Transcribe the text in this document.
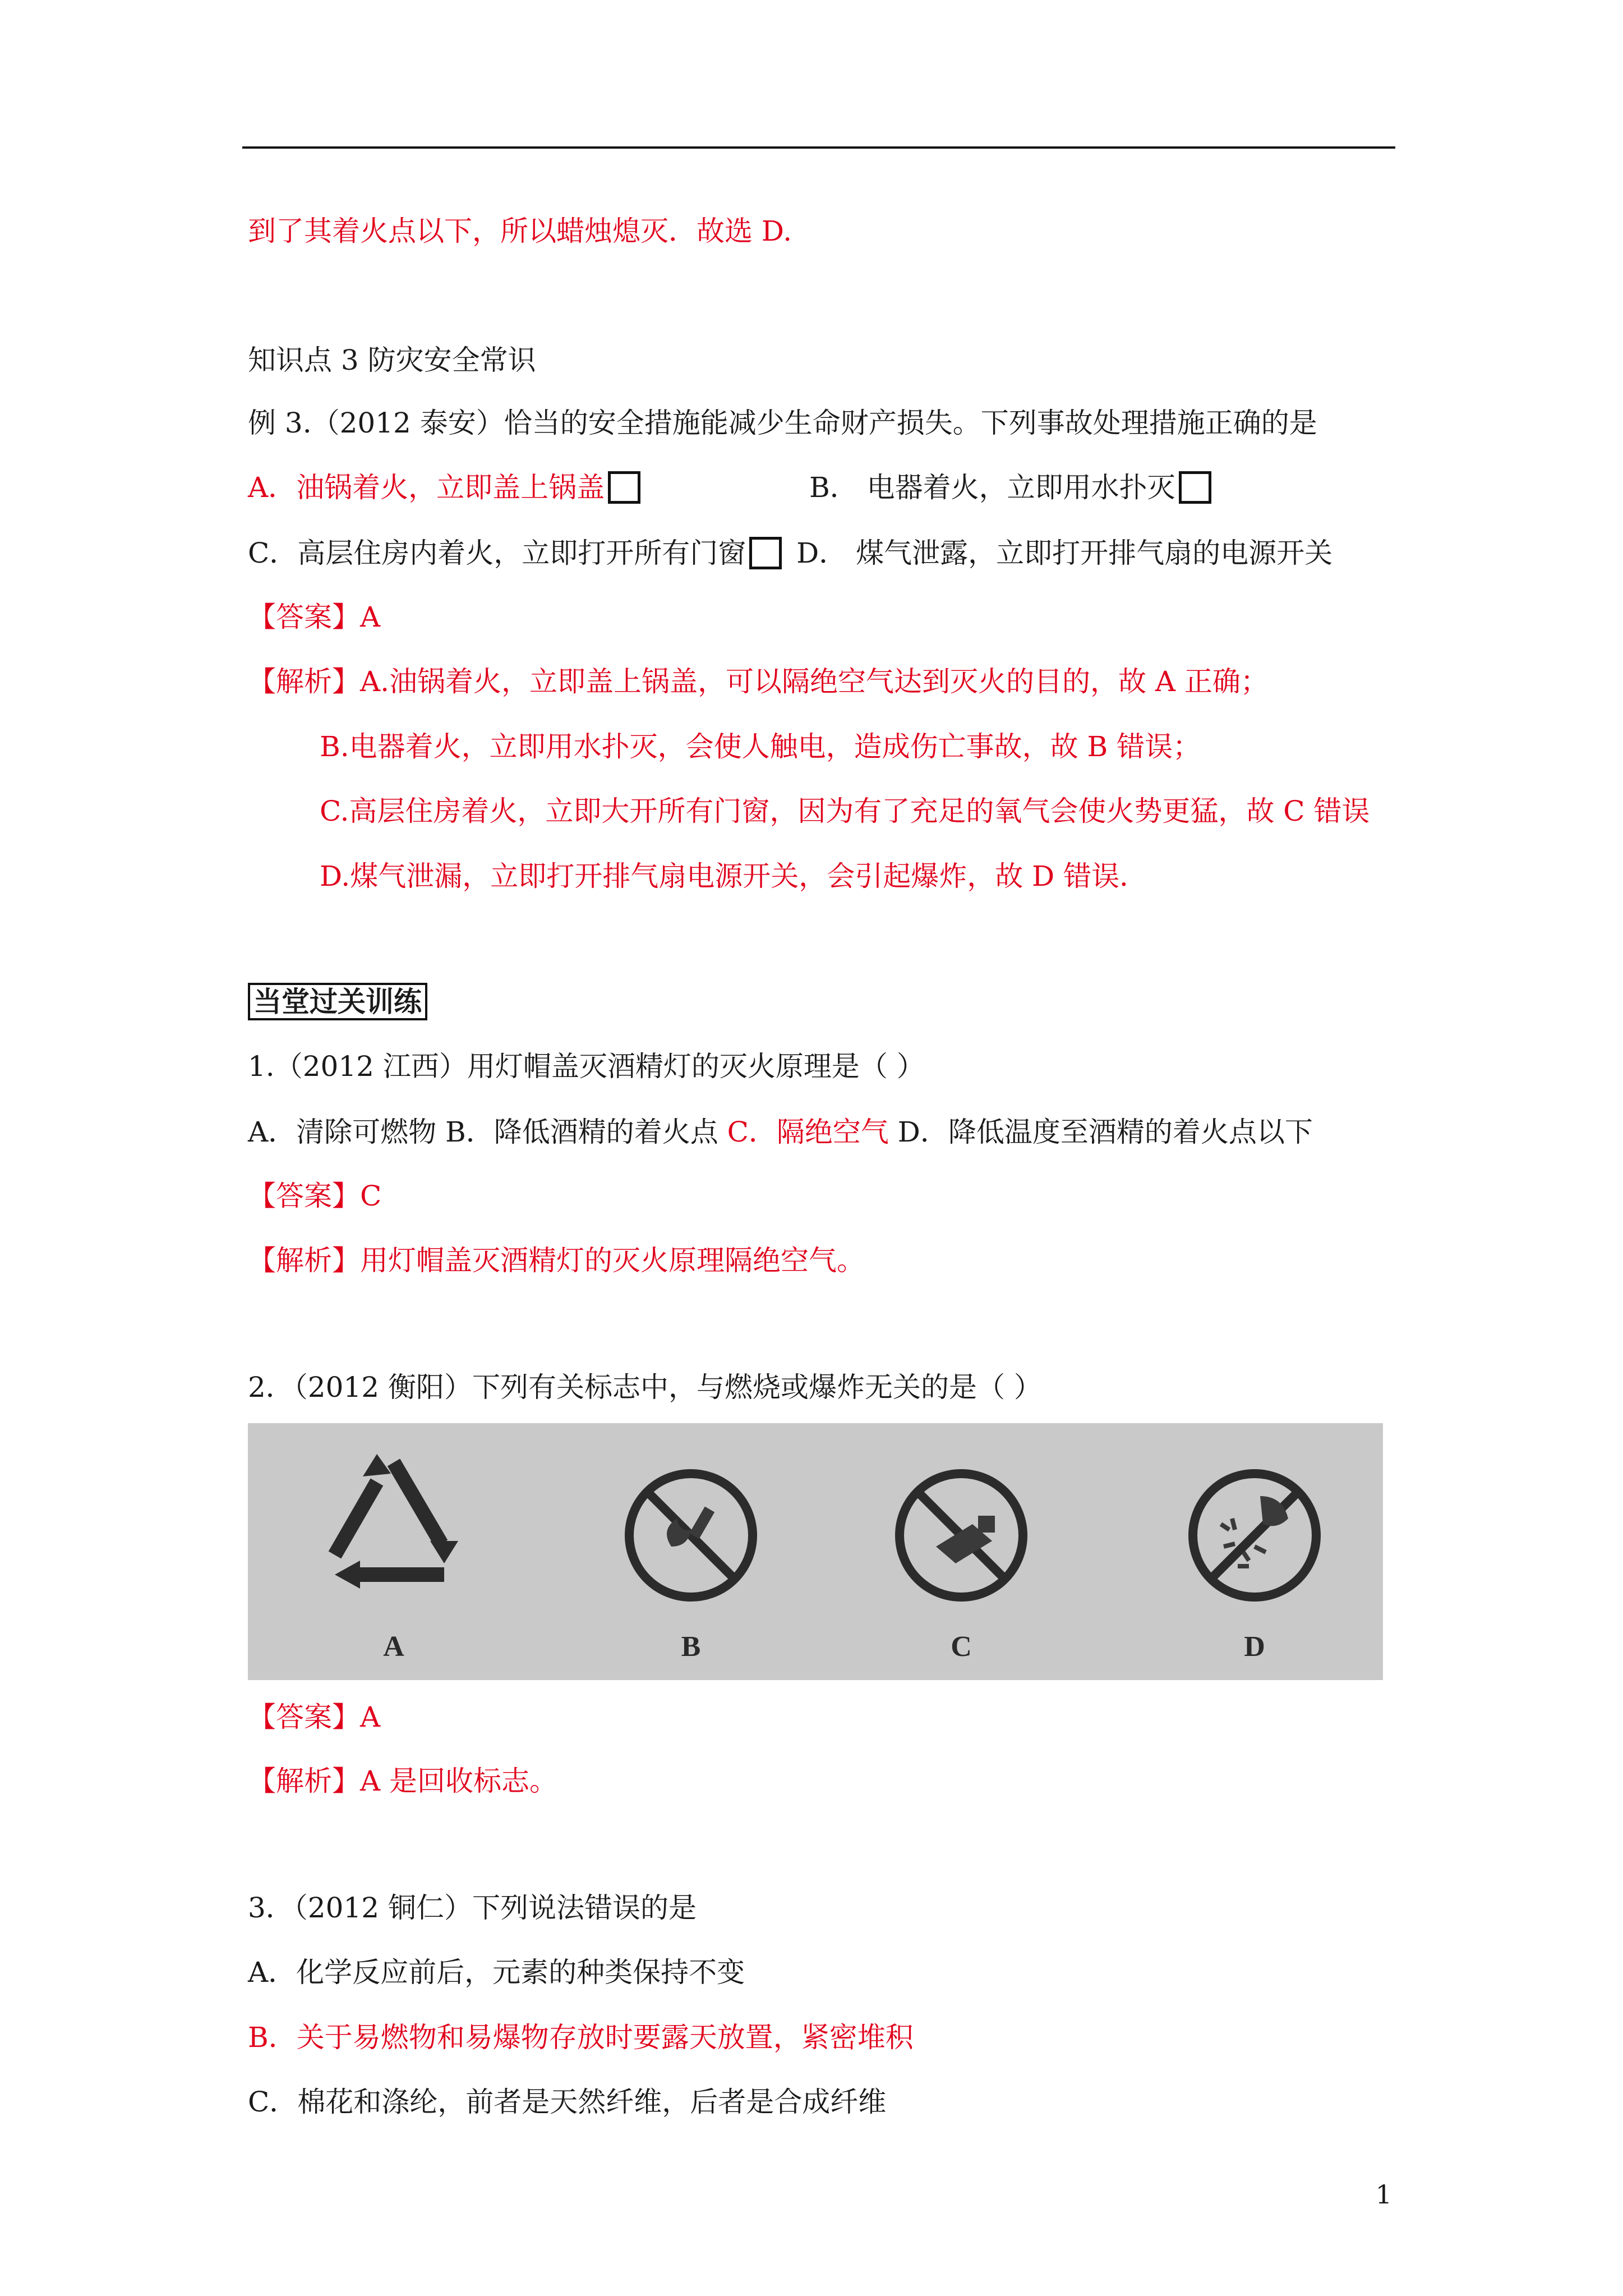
到了其着火点以下，所以蜡烛熄灭．故选 D.
知识点 3 防灾安全常识
例 3.（2012 泰安）恰当的安全措施能减少生命财产损失。下列事故处理措施正确的是
A．油锅着火，立即盖上锅盖	B． 电器着火，立即用水扑灭
C．高层住房内着火，立即打开所有门窗 D． 煤气泄露，立即打开排气扇的电源开关
【答案】A
【解析】A.油锅着火，立即盖上锅盖，可以隔绝空气达到灭火的目的，故 A 正确；
B.电器着火，立即用水扑灭，会使人触电，造成伤亡事故，故 B 错误；
C.高层住房着火，立即大开所有门窗，因为有了充足的氧气会使火势更猛，故 C 错误
D.煤气泄漏，立即打开排气扇电源开关，会引起爆炸，故 D 错误．
当堂过关训练
1.（2012 江西）用灯帽盖灭酒精灯的灭火原理是（ ）
A．清除可燃物 B．降低酒精的着火点 C．隔绝空气 D．降低温度至酒精的着火点以下
【答案】C
【解析】用灯帽盖灭酒精灯的灭火原理隔绝空气。
2．（2012 衡阳）下列有关标志中，与燃烧或爆炸无关的是（ ）
A	B	C	D
【答案】A
【解析】A 是回收标志。
3．（2012 铜仁）下列说法错误的是
A．化学反应前后，元素的种类保持不变
B．关于易燃物和易爆物存放时要露天放置，紧密堆积
C．棉花和涤纶，前者是天然纤维，后者是合成纤维
1
